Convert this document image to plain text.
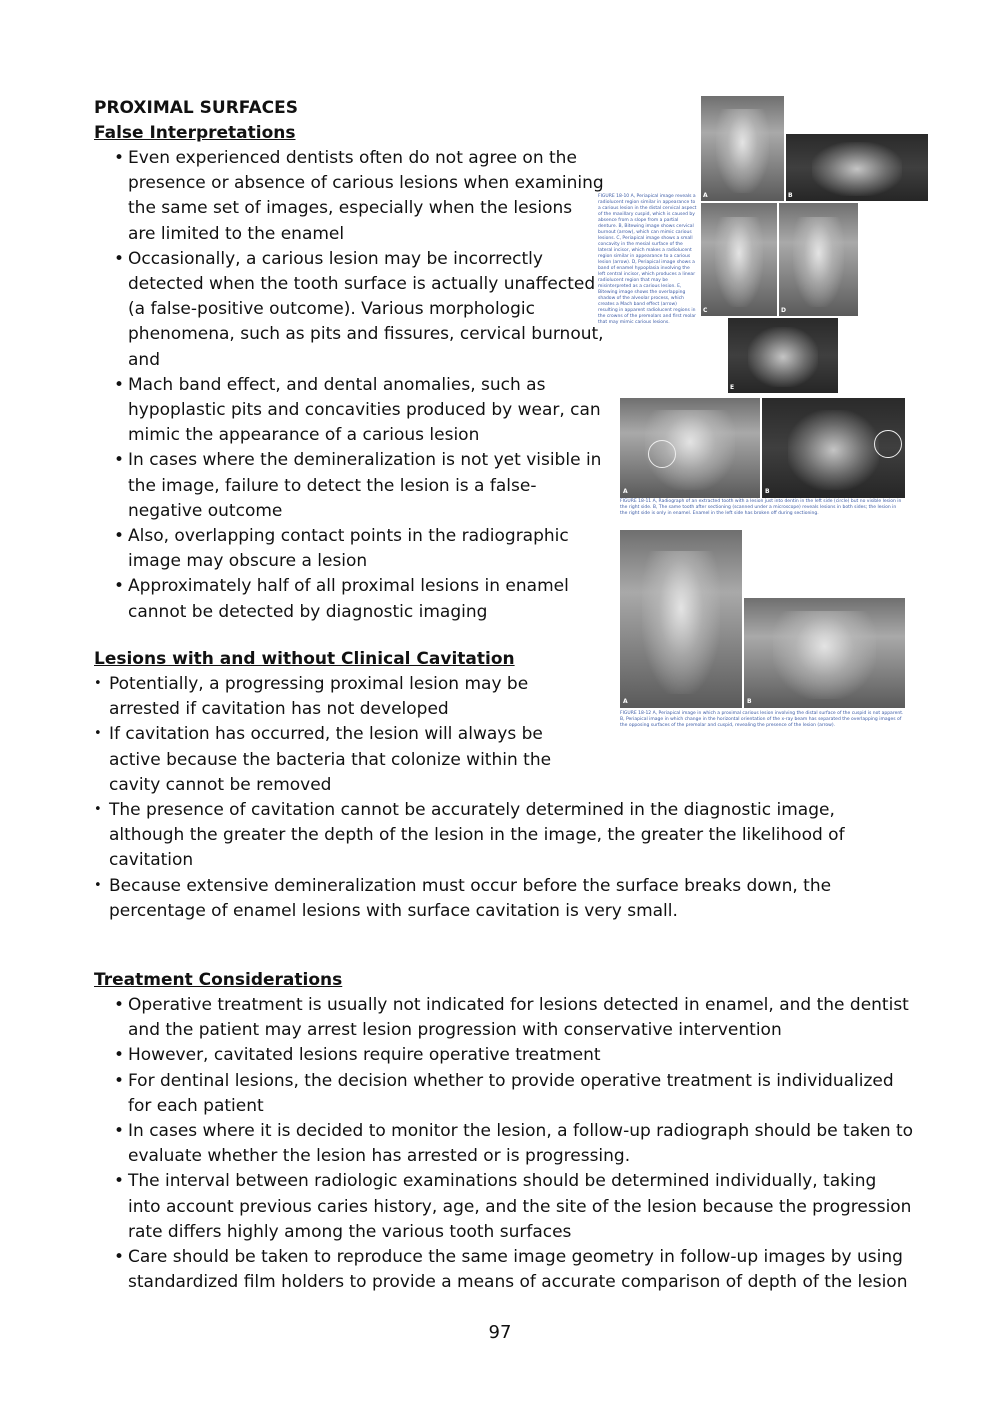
PROXIMAL SURFACES
False Interpretations
• Even experienced dentists often do not agree on the presence or absence of carious lesions when examining the same set of images, especially when the lesions are limited to the enamel
• Occasionally, a carious lesion may be incorrectly detected when the tooth surface is actually unaffected (a false-positive outcome). Various morphologic phenomena, such as pits and fissures, cervical burnout, and
• Mach band effect, and dental anomalies, such as hypoplastic pits and concavities produced by wear, can mimic the appearance of a carious lesion
• In cases where the demineralization is not yet visible in the image, failure to detect the lesion is a false-negative outcome
• Also, overlapping contact points in the radiographic image may obscure a lesion
• Approximately half of all proximal lesions in enamel cannot be detected by diagnostic imaging
Lesions with and without Clinical Cavitation
• Potentially, a progressing proximal lesion may be arrested if cavitation has not developed
• If cavitation has occurred, the lesion will always be active because the bacteria that colonize within the cavity cannot be removed
• The presence of cavitation cannot be accurately determined in the diagnostic image, although the greater the depth of the lesion in the image, the greater the likelihood of cavitation
• Because extensive demineralization must occur before the surface breaks down, the percentage of enamel lesions with surface cavitation is very small.
Treatment Considerations
• Operative treatment is usually not indicated for lesions detected in enamel, and the dentist and the patient may arrest lesion progression with conservative intervention
• However, cavitated lesions require operative treatment
• For dentinal lesions, the decision whether to provide operative treatment is individualized for each patient
• In cases where it is decided to monitor the lesion, a follow-up radiograph should be taken to evaluate whether the lesion has arrested or is progressing.
• The interval between radiologic examinations should be determined individually, taking into account previous caries history, age, and the site of the lesion because the progression rate differs highly among the various tooth surfaces
• Care should be taken to reproduce the same image geometry in follow-up images by using standardized film holders to provide a means of accurate comparison of depth of the lesion
A	B
C	D
E
FIGURE 18-10 A, Periapical image reveals a radiolucent region similar in appearance to a carious lesion in the distal cervical aspect of the maxillary cuspid, which is caused by absence from a slope from a partial denture. B, Bitewing image shows cervical burnout (arrow), which can mimic carious lesions. C, Periapical image shows a small concavity in the mesial surface of the lateral incisor, which makes a radiolucent region similar in appearance to a carious lesion (arrow). D, Periapical image shows a band of enamel hypoplasia involving the left central incisor, which produces a linear radiolucent region that may be misinterpreted as a carious lesion. E, Bitewing image shows the overlapping shadow of the alveolar process, which creates a Mach band effect (arrow) resulting in apparent radiolucent regions in the crowns of the premolars and first molar that may mimic carious lesions.
A	B
FIGURE 18-11 A, Radiograph of an extracted tooth with a lesion just into dentin in the left side (circle) but no visible lesion in the right side. B, The same tooth after sectioning (scanned under a microscope) reveals lesions in both sides; the lesion in the right side is only in enamel. Enamel in the left side has broken off during sectioning.
A	B
FIGURE 18-12 A, Periapical image in which a proximal carious lesion involving the distal surface of the cuspid is not apparent. B, Periapical image in which change in the horizontal orientation of the x-ray beam has separated the overlapping images of the opposing surfaces of the premolar and cuspid, revealing the presence of the lesion (arrow).
97
